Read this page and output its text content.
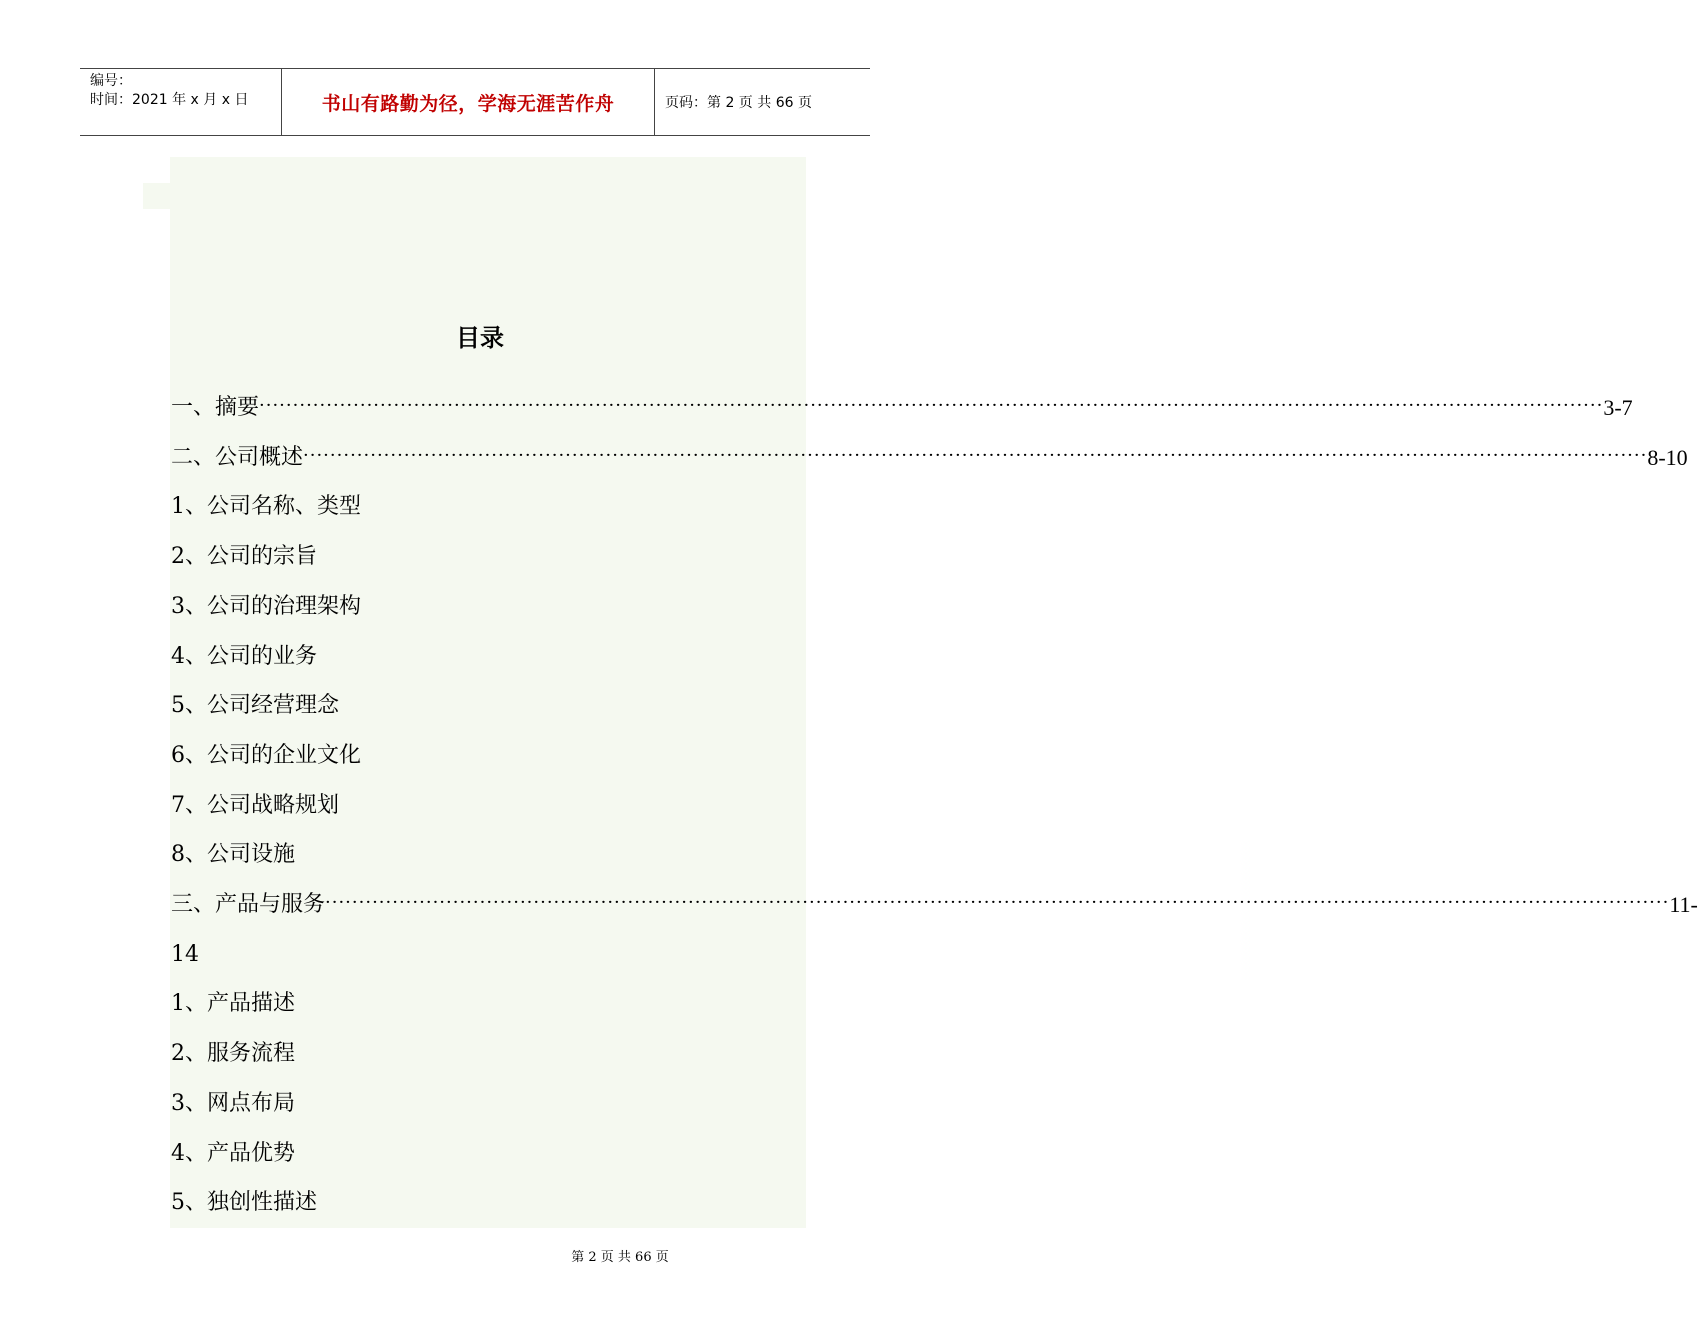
编号：
时间：2021 年 x 月 x 日	书山有路勤为径，学海无涯苦作舟	页码：第 2 页 共 66 页
目录
一、摘要 ········································································································································································································ 3-7
二、公司概述 ········································································································································································································ 8-10
1、公司名称、类型
2、公司的宗旨
3、公司的治理架构
4、公司的业务
5、公司经营理念
6、公司的企业文化
7、公司战略规划
8、公司设施
三、产品与服务 ········································································································································································································ 11-
14
1、产品描述
2、服务流程
3、网点布局
4、产品优势
5、独创性描述
第 2 页 共 66 页
